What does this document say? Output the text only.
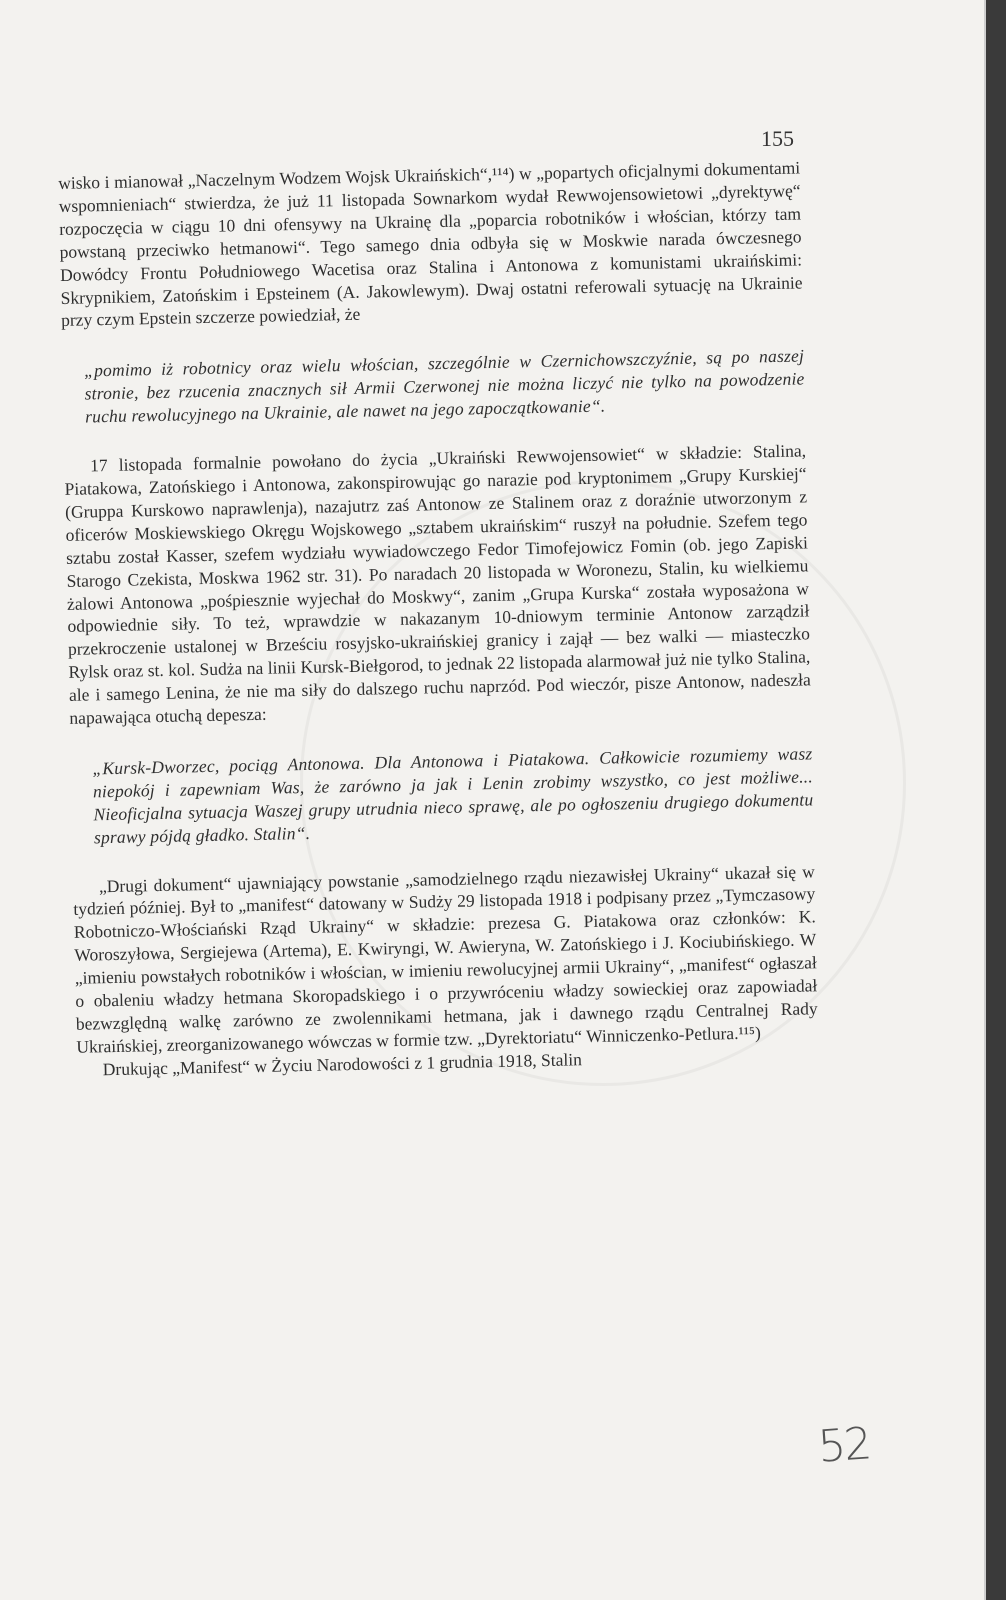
155

wisko i mianował „Naczelnym Wodzem Wojsk Ukraińskich“,¹¹⁴) w „popartych oficjalnymi dokumentami wspomnieniach“ stwierdza, że już 11 listopada Sownarkom wydał Rewwojensowietowi „dyrektywę“ rozpoczęcia w ciągu 10 dni ofensywy na Ukrainę dla „poparcia robotników i włościan, którzy tam powstaną przeciwko hetmanowi“. Tego samego dnia odbyła się w Moskwie narada ówczesnego Dowódcy Frontu Południowego Wacetisa oraz Stalina i Antonowa z komunistami ukraińskimi: Skrypnikiem, Zatońskim i Epsteinem (A. Jakowlewym). Dwaj ostatni referowali sytuację na Ukrainie przy czym Epstein szczerze powiedział, że

„pomimo iż robotnicy oraz wielu włościan, szczególnie w Czernichowszczyźnie, są po naszej stronie, bez rzucenia znacznych sił Armii Czerwonej nie można liczyć nie tylko na powodzenie ruchu rewolucyjnego na Ukrainie, ale nawet na jego zapoczątkowanie“.

17 listopada formalnie powołano do życia „Ukraiński Rewwojensowiet“ w składzie: Stalina, Piatakowa, Zatońskiego i Antonowa, zakonspirowując go narazie pod kryptonimem „Grupy Kurskiej“ (Gruppa Kurskowo naprawlenja), nazajutrz zaś Antonow ze Stalinem oraz z doraźnie utworzonym z oficerów Moskiewskiego Okręgu Wojskowego „sztabem ukraińskim“ ruszył na południe. Szefem tego sztabu został Kasser, szefem wydziału wywiadowczego Fedor Timofejowicz Fomin (ob. jego Zapiski Starogo Czekista, Moskwa 1962 str. 31). Po naradach 20 listopada w Woronezu, Stalin, ku wielkiemu żalowi Antonowa „pośpiesznie wyjechał do Moskwy“, zanim „Grupa Kurska“ została wyposażona w odpowiednie siły. To też, wprawdzie w nakazanym 10-dniowym terminie Antonow zarządził przekroczenie ustalonej w Brześciu rosyjsko-ukraińskiej granicy i zajął — bez walki — miasteczko Rylsk oraz st. kol. Sudża na linii Kursk-Biełgorod, to jednak 22 listopada alarmował już nie tylko Stalina, ale i samego Lenina, że nie ma siły do dalszego ruchu naprzód. Pod wieczór, pisze Antonow, nadeszła napawająca otuchą depesza:

„Kursk-Dworzec, pociąg Antonowa. Dla Antonowa i Piatakowa. Całkowicie rozumiemy wasz niepokój i zapewniam Was, że zarówno ja jak i Lenin zrobimy wszystko, co jest możliwe... Nieoficjalna sytuacja Waszej grupy utrudnia nieco sprawę, ale po ogłoszeniu drugiego dokumentu sprawy pójdą gładko. Stalin“.

„Drugi dokument“ ujawniający powstanie „samodzielnego rządu niezawisłej Ukrainy“ ukazał się w tydzień później. Był to „manifest“ datowany w Sudży 29 listopada 1918 i podpisany przez „Tymczasowy Robotniczo-Włościański Rząd Ukrainy“ w składzie: prezesa G. Piatakowa oraz członków: K. Woroszyłowa, Sergiejewa (Artema), E. Kwiryngi, W. Awieryna, W. Zatońskiego i J. Kociubińskiego. W „imieniu powstałych robotników i włościan, w imieniu rewolucyjnej armii Ukrainy“, „manifest“ ogłaszał o obaleniu władzy hetmana Skoropadskiego i o przywróceniu władzy sowieckiej oraz zapowiadał bezwzględną walkę zarówno ze zwolennikami hetmana, jak i dawnego rządu Centralnej Rady Ukraińskiej, zreorganizowanego wówczas w formie tzw. „Dyrektoriatu“ Winniczenko-Petlura.¹¹⁵)

Drukując „Manifest“ w Życiu Narodowości z 1 grudnia 1918, Stalin

52
